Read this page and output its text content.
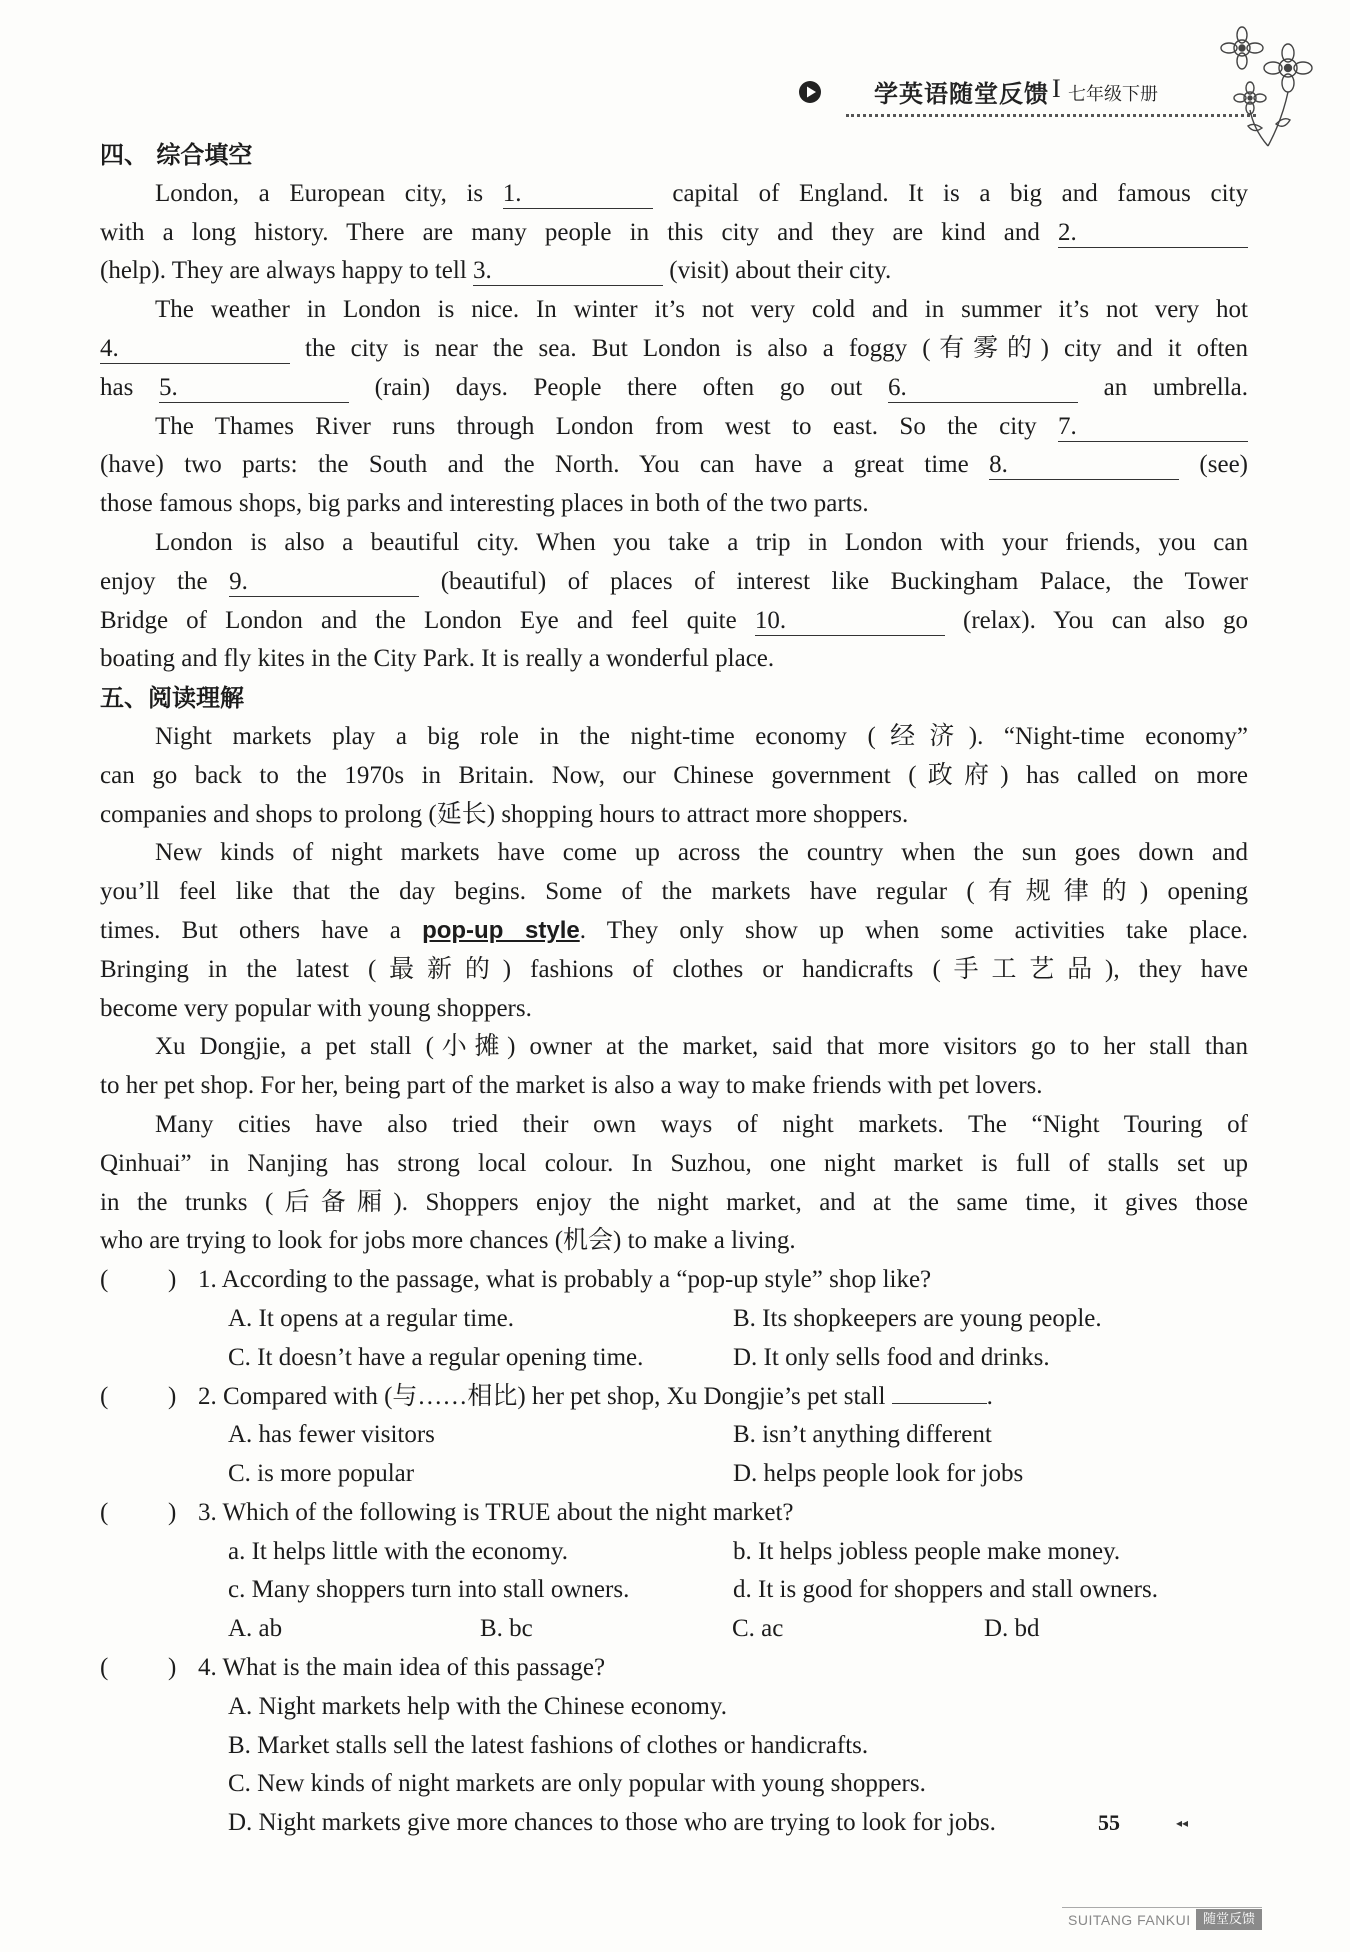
学英语随堂反馈 I 七年级下册
四、 综合填空
London, a European city, is 1.	capital of England. It is a big and famous city
with a long history. There are many people in this city and they are kind and 2.
(help). They are always happy to tell 3.	(visit) about their city.
The weather in London is nice. In winter it’s not very cold and in summer it’s not very hot
4.	the city is near the sea. But London is also a foggy (有雾的) city and it often
has 5.	(rain) days. People there often go out 6.	an umbrella.
The Thames River runs through London from west to east. So the city 7.
(have) two parts: the South and the North. You can have a great time 8.	(see)
those famous shops, big parks and interesting places in both of the two parts.
London is also a beautiful city. When you take a trip in London with your friends, you can
enjoy the 9.	(beautiful) of places of interest like Buckingham Palace, the Tower
Bridge of London and the London Eye and feel quite 10.	(relax). You can also go
boating and fly kites in the City Park. It is really a wonderful place.
五、阅读理解
Night markets play a big role in the night-time economy (经济). “Night-time economy”
can go back to the 1970s in Britain. Now, our Chinese government (政府) has called on more
companies and shops to prolong (延长) shopping hours to attract more shoppers.
New kinds of night markets have come up across the country when the sun goes down and
you’ll feel like that the day begins. Some of the markets have regular (有规律的) opening
times. But others have a pop-up style. They only show up when some activities take place.
Bringing in the latest (最新的) fashions of clothes or handicrafts (手工艺品), they have
become very popular with young shoppers.
Xu Dongjie, a pet stall (小摊) owner at the market, said that more visitors go to her stall than
to her pet shop. For her, being part of the market is also a way to make friends with pet lovers.
Many cities have also tried their own ways of night markets. The “Night Touring of
Qinhuai” in Nanjing has strong local colour. In Suzhou, one night market is full of stalls set up
in the trunks (后备厢). Shoppers enjoy the night market, and at the same time, it gives those
who are trying to look for jobs more chances (机会) to make a living.
( ) 1. According to the passage, what is probably a “pop-up style” shop like?
A. It opens at a regular time.	B. Its shopkeepers are young people.
C. It doesn’t have a regular opening time.	D. It only sells food and drinks.
( ) 2. Compared with (与……相比) her pet shop, Xu Dongjie’s pet stall	.
A. has fewer visitors	B. isn’t anything different
C. is more popular	D. helps people look for jobs
( ) 3. Which of the following is TRUE about the night market?
a. It helps little with the economy.	b. It helps jobless people make money.
c. Many shoppers turn into stall owners.	d. It is good for shoppers and stall owners.
A. ab	B. bc	C. ac	D. bd
( ) 4. What is the main idea of this passage?
A. Night markets help with the Chinese economy.
B. Market stalls sell the latest fashions of clothes or handicrafts.
C. New kinds of night markets are only popular with young shoppers.
D. Night markets give more chances to those who are trying to look for jobs.	55	◂◂
SUITANG FANKUI 随堂反馈
